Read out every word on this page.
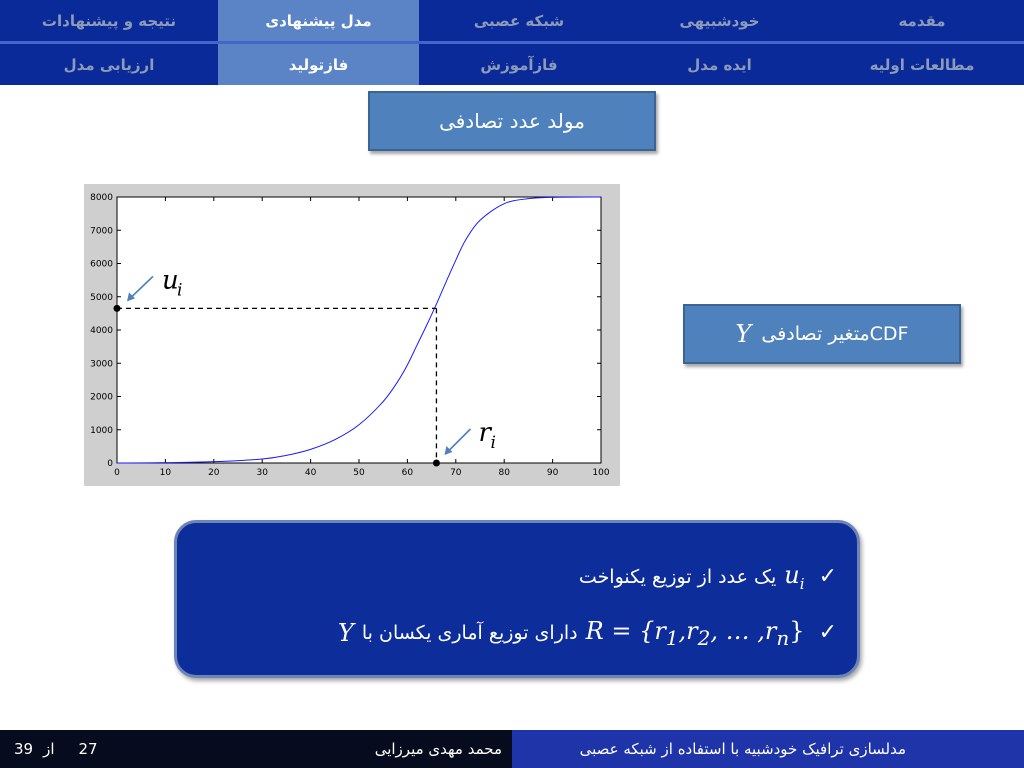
نتیجه و پیشنهادات	مدل پیشنهادی	شبکه عصبی	خودشبیهی	مقدمه
ارزیابی مدل	فازتولید	فازآموزش	ایده مدل	مطالعات اولیه
مولد عدد تصادفی
0	10	20	30	40	50	60	70	80	90	100
0
1000
2000
3000
4000
5000
6000
7000
8000
u
i
r i
Y CDFمتغیر تصادفی
✓
$u_i$
یک عدد از توزیع یکنواخت
✓
$R = \{r_1,r_2$, … $,r_n$}
دارای توزیع آماری یکسان با
Y
39 از 27	محمد مهدی میرزایی	مدلسازی ترافیک خودشبیه با استفاده از شبکه عصبی
